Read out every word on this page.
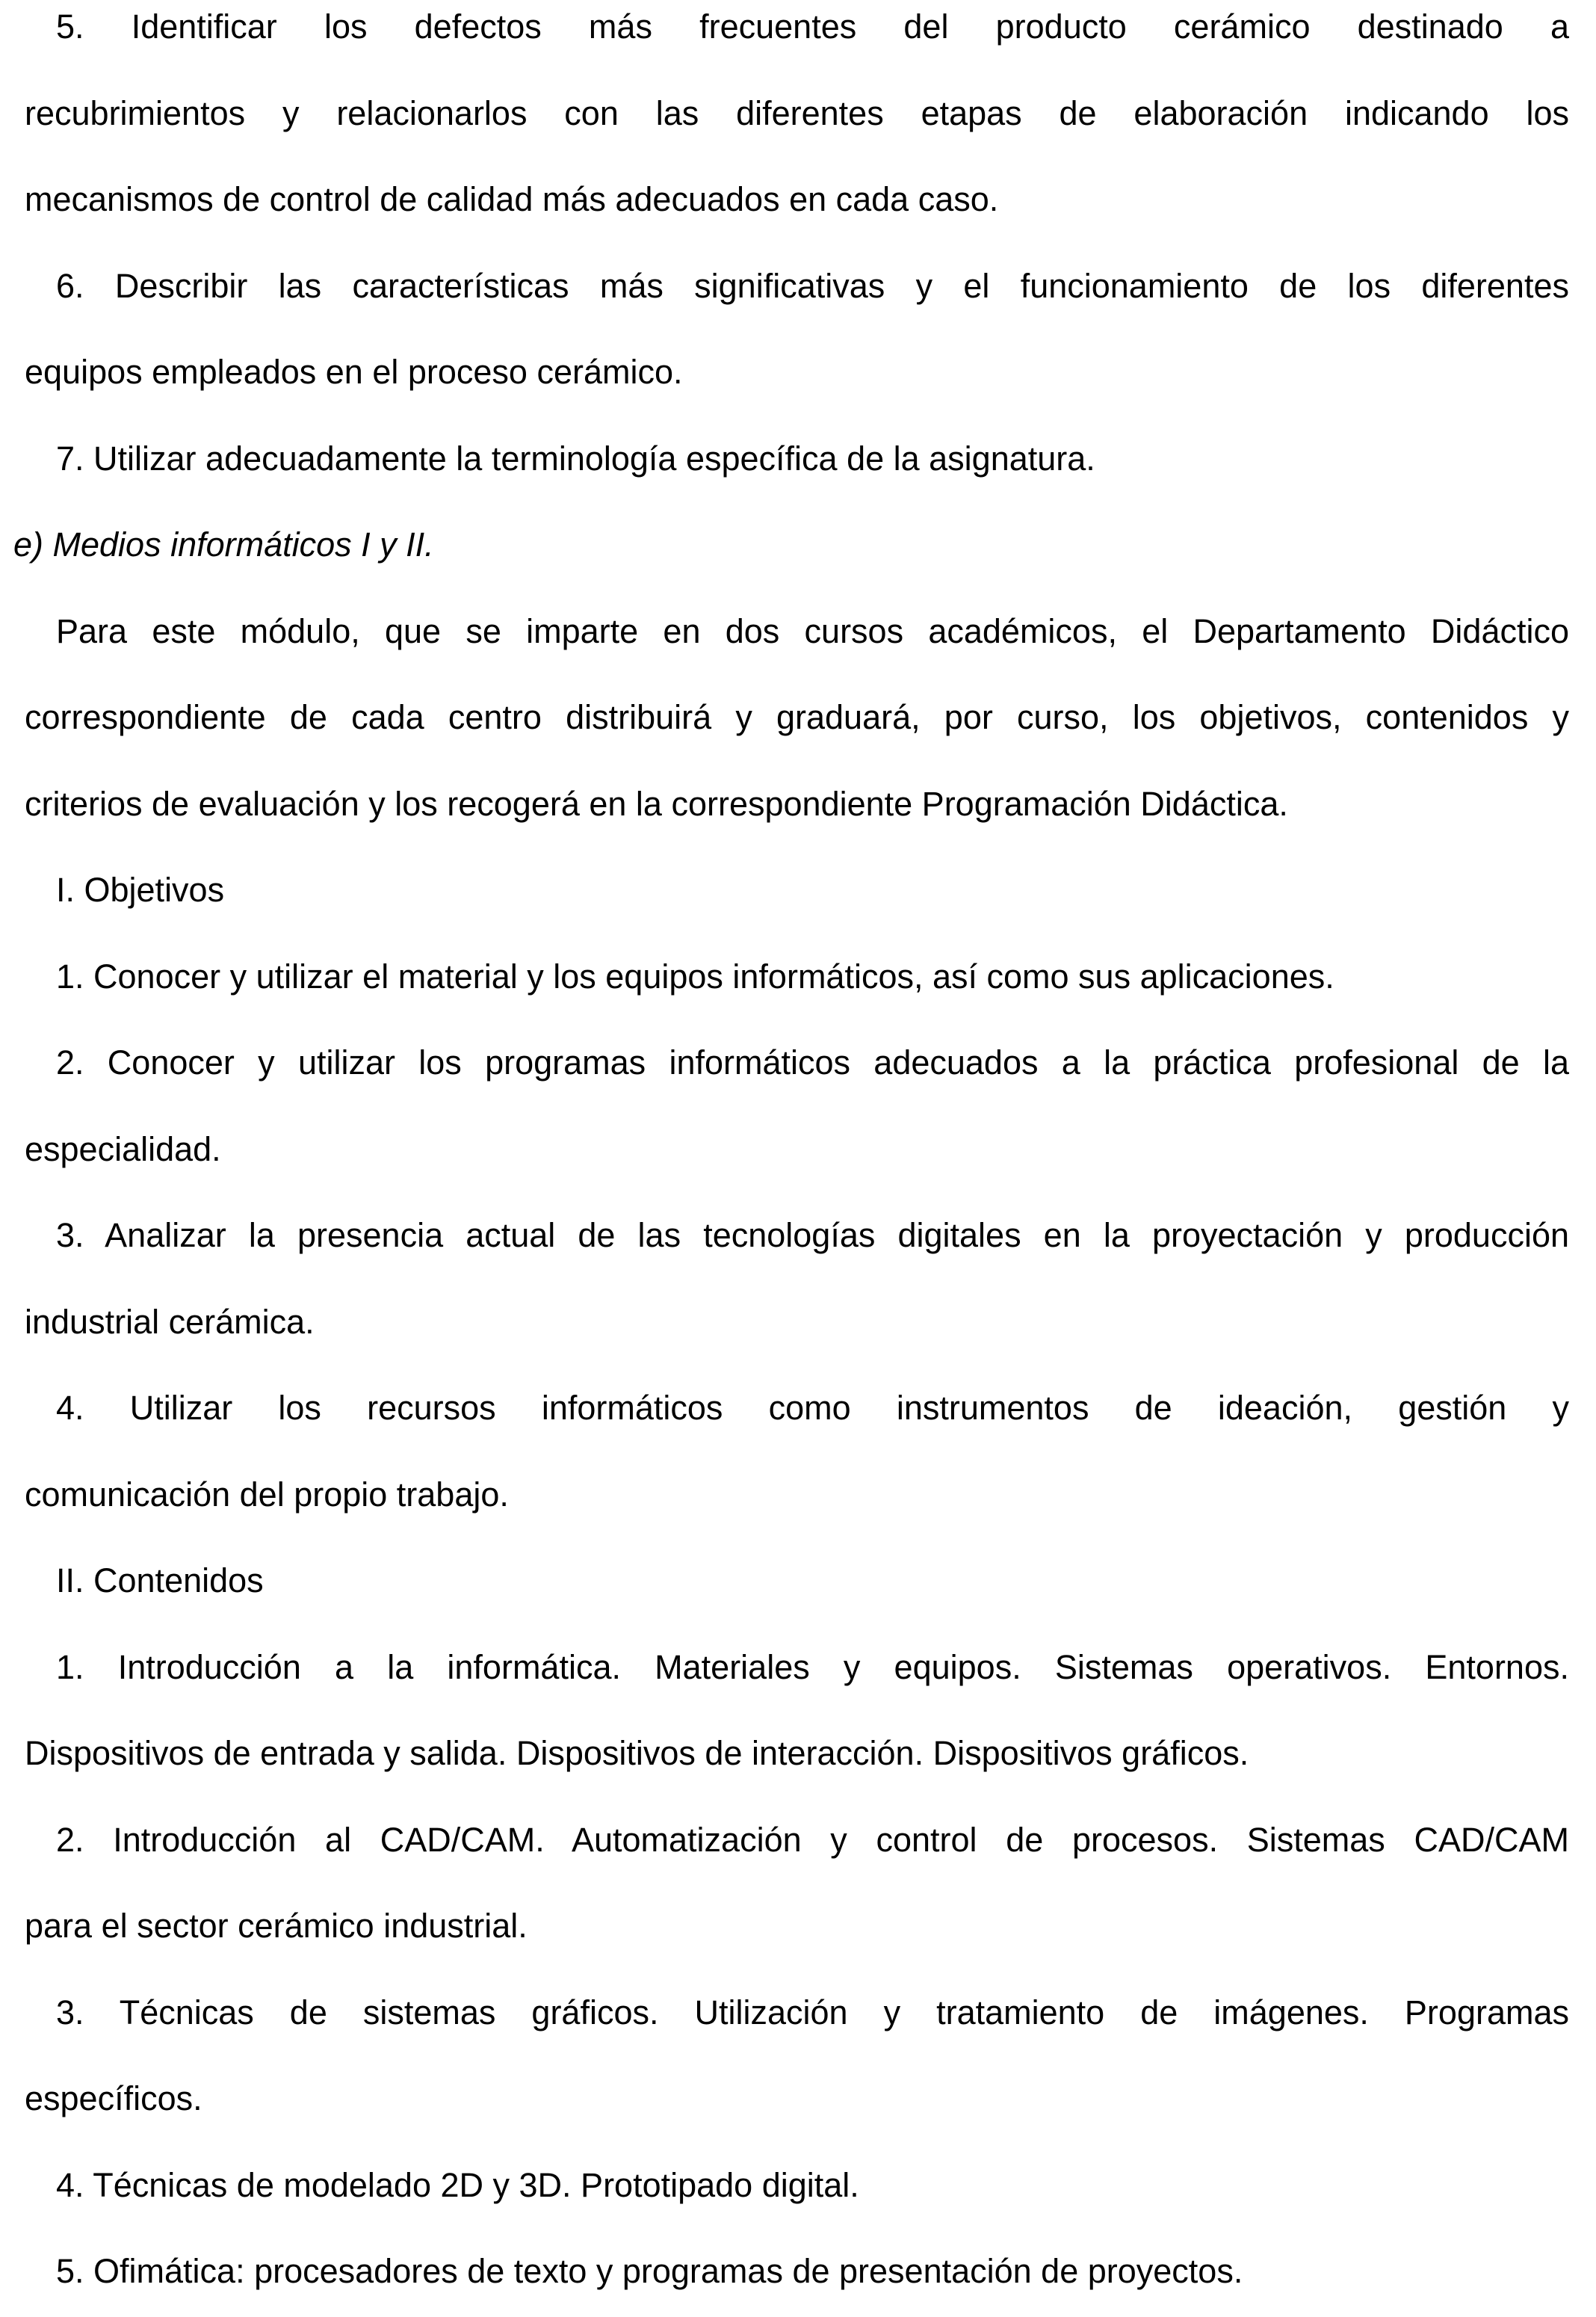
5. Identificar los defectos más frecuentes del producto cerámico destinado a
recubrimientos y relacionarlos con las diferentes etapas de elaboración indicando los
mecanismos de control de calidad más adecuados en cada caso.
6. Describir las características más significativas y el funcionamiento de los diferentes
equipos empleados en el proceso cerámico.
7. Utilizar adecuadamente la terminología específica de la asignatura.
e) Medios informáticos I y II.
Para este módulo, que se imparte en dos cursos académicos, el Departamento Didáctico
correspondiente de cada centro distribuirá y graduará, por curso, los objetivos, contenidos y
criterios de evaluación y los recogerá en la correspondiente Programación Didáctica.
I. Objetivos
1. Conocer y utilizar el material y los equipos informáticos, así como sus aplicaciones.
2. Conocer y utilizar los programas informáticos adecuados a la práctica profesional de la
especialidad.
3. Analizar la presencia actual de las tecnologías digitales en la proyectación y producción
industrial cerámica.
4. Utilizar los recursos informáticos como instrumentos de ideación, gestión y
comunicación del propio trabajo.
II. Contenidos
1. Introducción a la informática. Materiales y equipos. Sistemas operativos. Entornos.
Dispositivos de entrada y salida. Dispositivos de interacción. Dispositivos gráficos.
2. Introducción al CAD/CAM. Automatización y control de procesos. Sistemas CAD/CAM
para el sector cerámico industrial.
3. Técnicas de sistemas gráficos. Utilización y tratamiento de imágenes. Programas
específicos.
4. Técnicas de modelado 2D y 3D. Prototipado digital.
5. Ofimática: procesadores de texto y programas de presentación de proyectos.
